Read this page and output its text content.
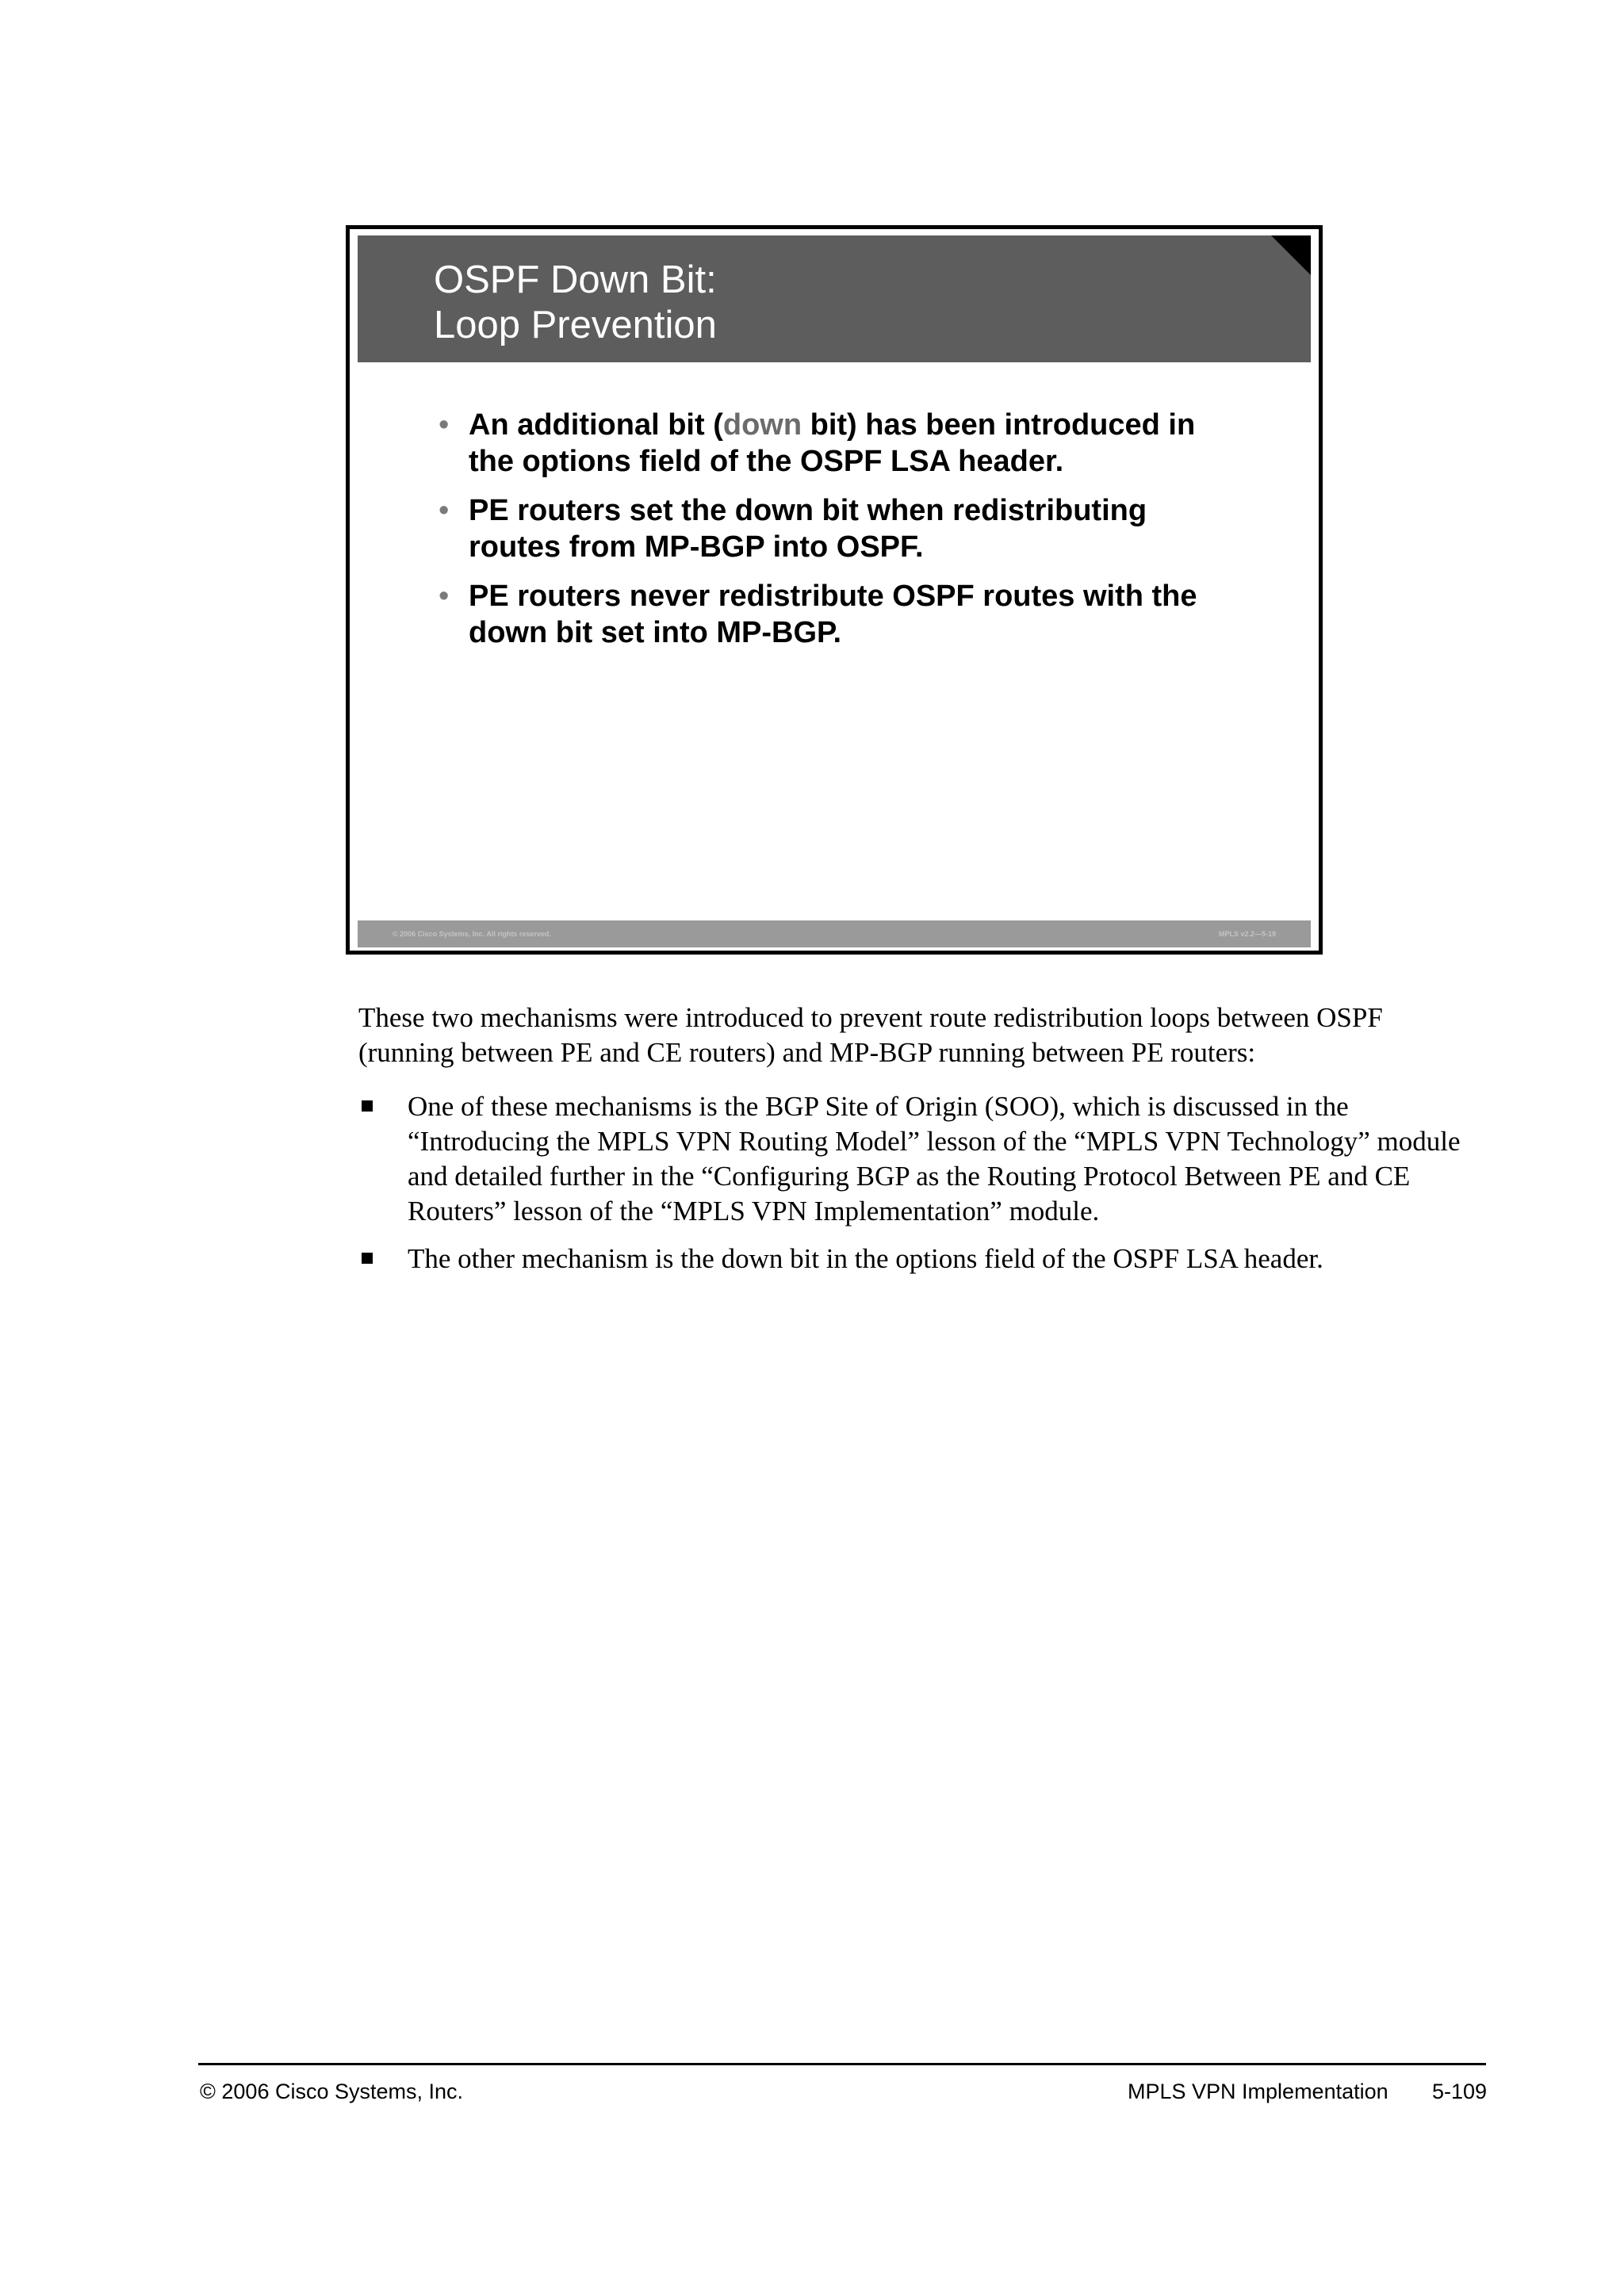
OSPF Down Bit:
Loop Prevention
• An additional bit (down bit) has been introduced in the options field of the OSPF LSA header.
• PE routers set the down bit when redistributing routes from MP-BGP into OSPF.
• PE routers never redistribute OSPF routes with the down bit set into MP-BGP.
© 2006 Cisco Systems, Inc. All rights reserved.	MPLS v2.2—5-19

These two mechanisms were introduced to prevent route redistribution loops between OSPF (running between PE and CE routers) and MP-BGP running between PE routers:

One of these mechanisms is the BGP Site of Origin (SOO), which is discussed in the “Introducing the MPLS VPN Routing Model” lesson of the “MPLS VPN Technology” module and detailed further in the “Configuring BGP as the Routing Protocol Between PE and CE Routers” lesson of the “MPLS VPN Implementation” module.
The other mechanism is the down bit in the options field of the OSPF LSA header.
© 2006 Cisco Systems, Inc.	MPLS VPN Implementation 5-109
